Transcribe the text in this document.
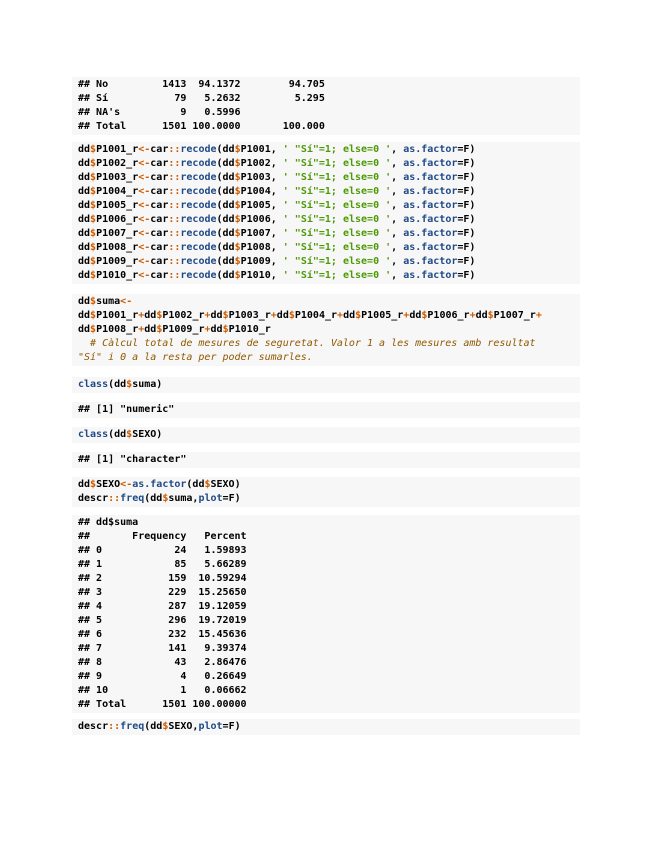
## No         1413  94.1372        94.705
## Sí           79   5.2632         5.295
## NA's          9   0.5996
## Total      1501 100.0000       100.000
dd$P1001_r<-car::recode(dd$P1001, ' "Sí"=1; else=0 ', as.factor=F)
dd$P1002_r<-car::recode(dd$P1002, ' "Sí"=1; else=0 ', as.factor=F)
dd$P1003_r<-car::recode(dd$P1003, ' "Sí"=1; else=0 ', as.factor=F)
dd$P1004_r<-car::recode(dd$P1004, ' "Sí"=1; else=0 ', as.factor=F)
dd$P1005_r<-car::recode(dd$P1005, ' "Sí"=1; else=0 ', as.factor=F)
dd$P1006_r<-car::recode(dd$P1006, ' "Sí"=1; else=0 ', as.factor=F)
dd$P1007_r<-car::recode(dd$P1007, ' "Sí"=1; else=0 ', as.factor=F)
dd$P1008_r<-car::recode(dd$P1008, ' "Sí"=1; else=0 ', as.factor=F)
dd$P1009_r<-car::recode(dd$P1009, ' "Sí"=1; else=0 ', as.factor=F)
dd$P1010_r<-car::recode(dd$P1010, ' "Sí"=1; else=0 ', as.factor=F)
dd$suma<-
dd$P1001_r+dd$P1002_r+dd$P1003_r+dd$P1004_r+dd$P1005_r+dd$P1006_r+dd$P1007_r+
dd$P1008_r+dd$P1009_r+dd$P1010_r
# Càlcul total de mesures de seguretat. Valor 1 a les mesures amb resultat
"Sí" i 0 a la resta per poder sumarles.
class(dd$suma)
## [1] "numeric"
class(dd$SEXO)
## [1] "character"
dd$SEXO<-as.factor(dd$SEXO)
descr::freq(dd$suma,plot=F)
## dd$suma
##       Frequency   Percent
## 0            24   1.59893
## 1            85   5.66289
## 2           159  10.59294
## 3           229  15.25650
## 4           287  19.12059
## 5           296  19.72019
## 6           232  15.45636
## 7           141   9.39374
## 8            43   2.86476
## 9             4   0.26649
## 10            1   0.06662
## Total      1501 100.00000
descr::freq(dd$SEXO,plot=F)
